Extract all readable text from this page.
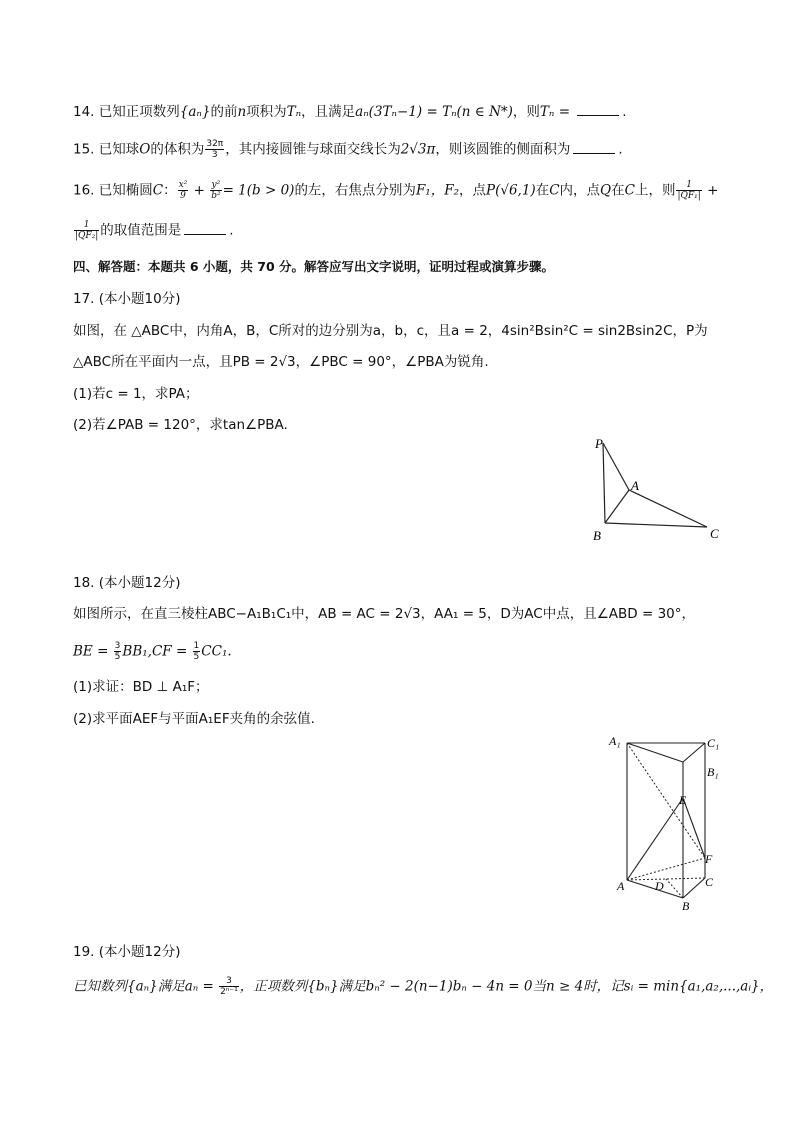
14. 已知正项数列{aₙ}的前n项积为Tₙ，且满足aₙ(3Tₙ−1) = Tₙ(n ∈ N*)，则Tₙ =	.
15. 已知球O的体积为 $\frac{32\pi}{3}$ ，其内接圆锥与球面交线长为2√3π，则该圆锥的侧面积为	.
16. 已知椭圆C： $\frac{\text{x²}}{9} + \frac{\text{y²}}{\text{b²}} = 1(b > 0)$的左，右焦点分别为F₁，F₂，点P(√6,1)在C内，点Q在C上，则 $\frac{1}{\text{|QF₁|}}$ +
$\frac{1}{\text{|QF₂|}}$ 的取值范围是	.
四、解答题：本题共 6 小题，共 70 分。解答应写出文字说明，证明过程或演算步骤。
17. (本小题10分)
如图，在 △ABC中，内角A，B，C所对的边分别为a，b，c，且a = 2，4sin²Bsin²C = sin2Bsin2C，P为
△ABC所在平面内一点，且PB = 2√3，∠PBC = 90°，∠PBA为锐角.
(1)若c = 1，求PA；
(2)若∠PAB = 120°，求tan∠PBA.
P
A
B	C
18. (本小题12分)
如图所示，在直三棱柱ABC−A₁B₁C₁中，AB = AC = 2√3，AA₁ = 5，D为AC中点，且∠ABD = 30°，
BE = $\frac{3}{5} BB_1,CF = \frac{1}{5} CC_1$.
(1)求证：BD ⊥ A₁F；
(2)求平面AEF与平面A₁EF夹角的余弦值.
A₁	C₁
B₁
E
F
A	D	C
B
19. (本小题12分)
已知数列{aₙ}满足$a_n = \frac{3}{\text{2ⁿ⁻¹}}$ ，正项数列{bₙ}满足bₙ² − 2(n−1)bₙ − 4n = 0当n ≥ 4时，记sᵢ = min{a₁,a₂,...,aᵢ}，
